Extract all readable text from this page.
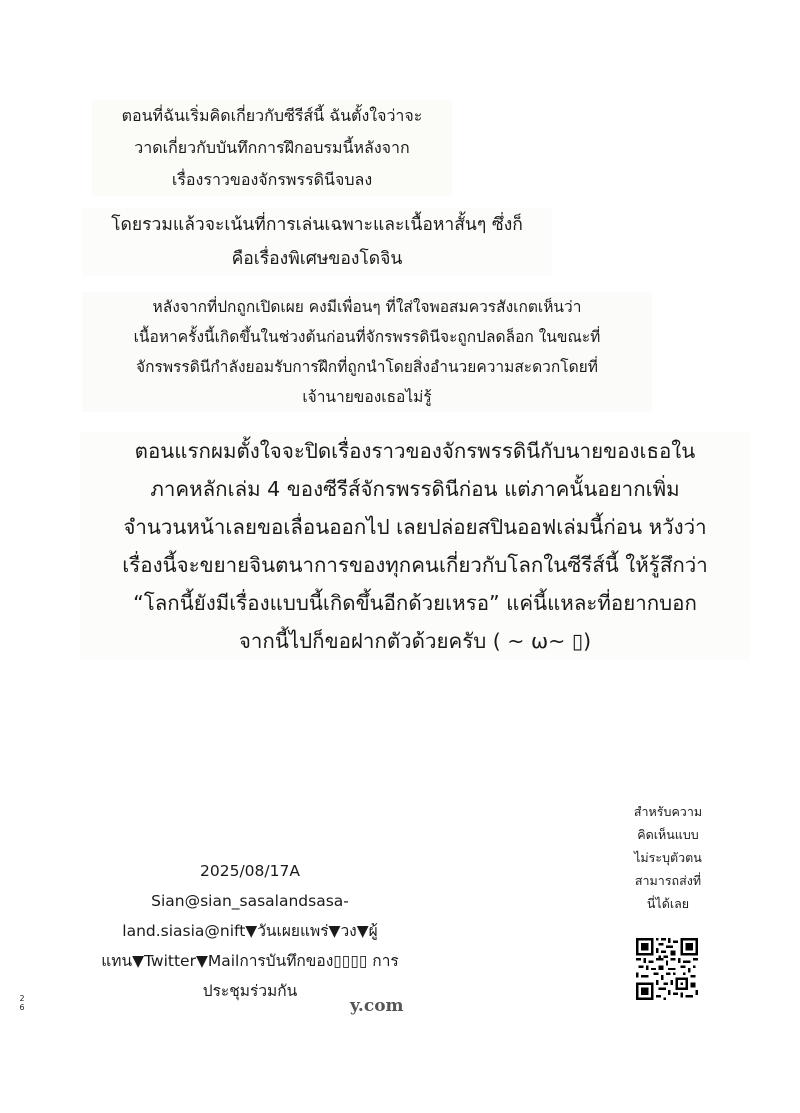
ตอนที่ฉันเริ่มคิดเกี่ยวกับซีรีส์นี้ ฉันตั้งใจว่าจะ
วาดเกี่ยวกับบันทึกการฝึกอบรมนี้หลังจาก
เรื่องราวของจักรพรรดินีจบลง
โดยรวมแล้วจะเน้นที่การเล่นเฉพาะและเนื้อหาสั้นๆ ซึ่งก็
คือเรื่องพิเศษของโดจิน
หลังจากที่ปกถูกเปิดเผย คงมีเพื่อนๆ ที่ใส่ใจพอสมควรสังเกตเห็นว่า
เนื้อหาครั้งนี้เกิดขึ้นในช่วงต้นก่อนที่จักรพรรดินีจะถูกปลดล็อก ในขณะที่
จักรพรรดินีกำลังยอมรับการฝึกที่ถูกนำโดยสิ่งอำนวยความสะดวกโดยที่
เจ้านายของเธอไม่รู้
ตอนแรกผมตั้งใจจะปิดเรื่องราวของจักรพรรดินีกับนายของเธอใน
ภาคหลักเล่ม 4 ของซีรีส์จักรพรรดินีก่อน แต่ภาคนั้นอยากเพิ่ม
จำนวนหน้าเลยขอเลื่อนออกไป เลยปล่อยสปินออฟเล่มนี้ก่อน หวังว่า
เรื่องนี้จะขยายจินตนาการของทุกคนเกี่ยวกับโลกในซีรีส์นี้ ให้รู้สึกว่า
“โลกนี้ยังมีเรื่องแบบนี้เกิดขึ้นอีกด้วยเหรอ” แค่นี้แหละที่อยากบอก
จากนี้ไปก็ขอฝากตัวด้วยครับ ( ~ ω~ ▯)
2025/08/17A
Sian@sian_sasalandsasa-
land.siasia@nift▼วันเผยแพร่▼วง▼ผู้
แทน▼Twitter▼Mailการบันทึกของ▯▯▯▯ การ
ประชุมร่วมกัน
y.com
2
6
สำหรับความ
คิดเห็นแบบ
ไม่ระบุตัวตน
สามารถส่งที่
นี่ได้เลย
